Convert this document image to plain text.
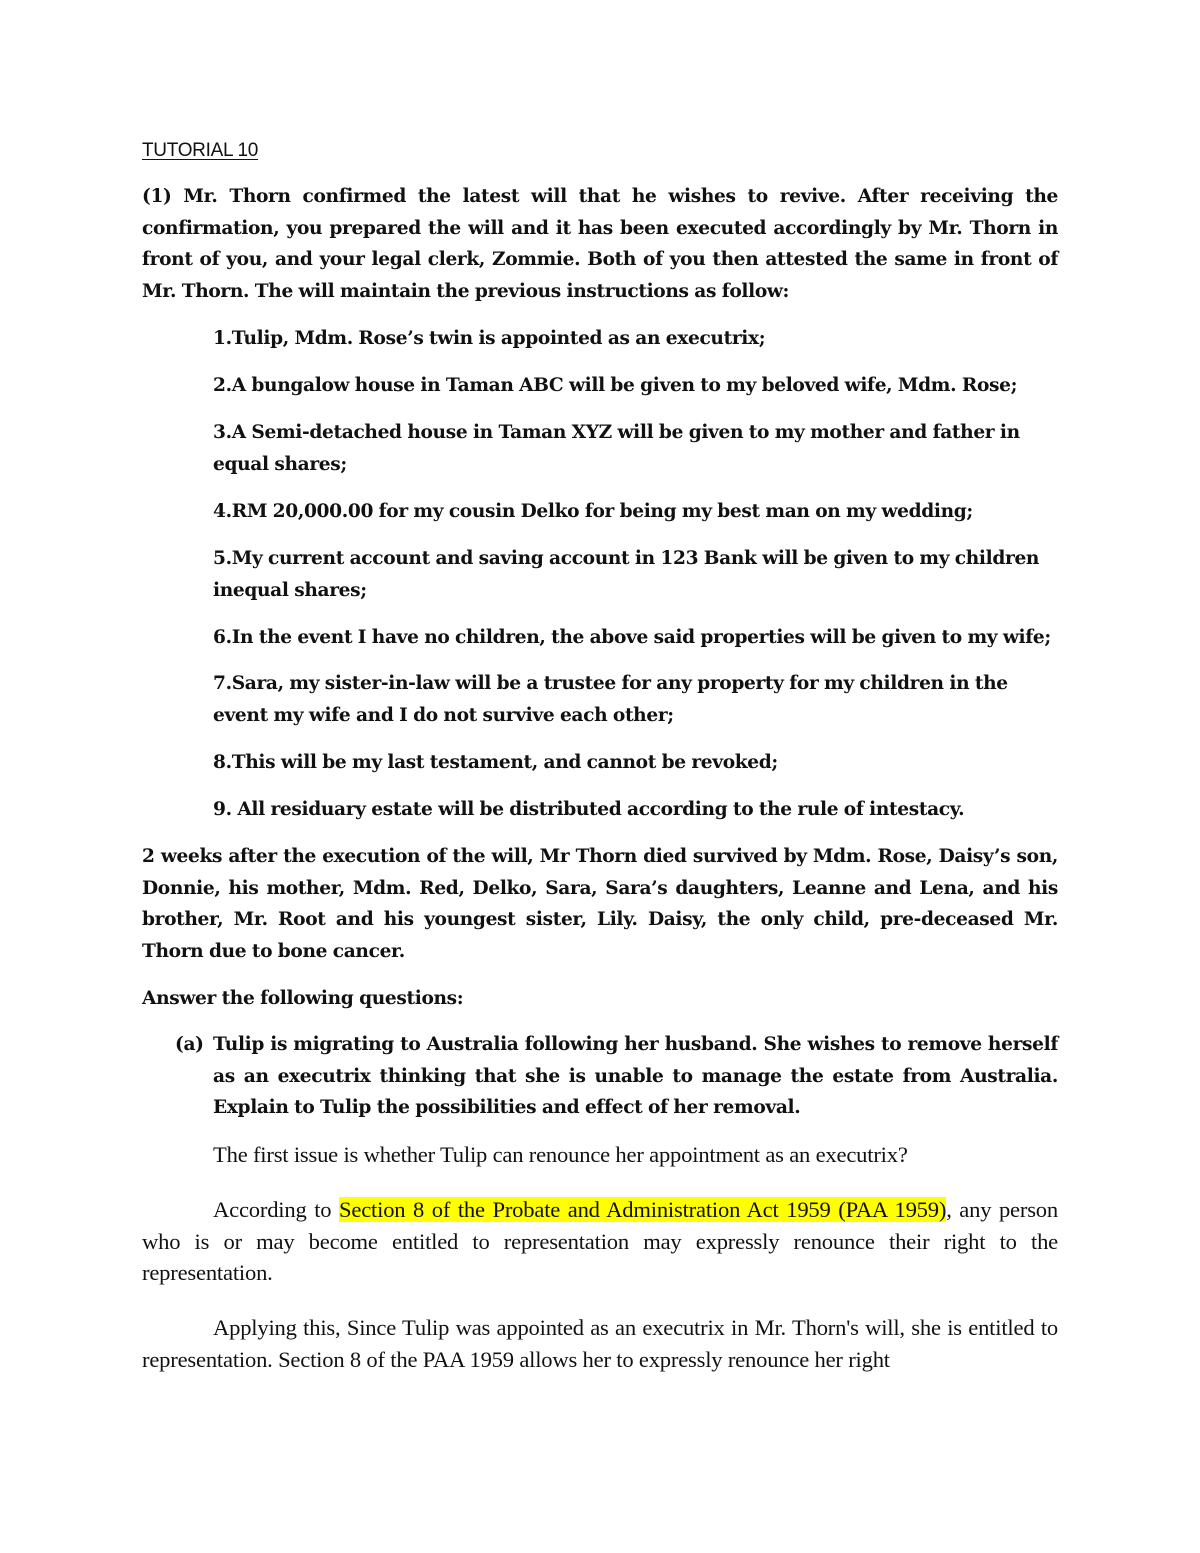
TUTORIAL 10

(1) Mr. Thorn confirmed the latest will that he wishes to revive. After receiving the confirmation, you prepared the will and it has been executed accordingly by Mr. Thorn in front of you, and your legal clerk, Zommie. Both of you then attested the same in front of Mr. Thorn. The will maintain the previous instructions as follow:

1.Tulip, Mdm. Rose’s twin is appointed as an executrix;
2.A bungalow house in Taman ABC will be given to my beloved wife, Mdm. Rose;
3.A Semi-detached house in Taman XYZ will be given to my mother and father in equal shares;
4.RM 20,000.00 for my cousin Delko for being my best man on my wedding;
5.My current account and saving account in 123 Bank will be given to my children inequal shares;
6.In the event I have no children, the above said properties will be given to my wife;
7.Sara, my sister-in-law will be a trustee for any property for my children in the event my wife and I do not survive each other;
8.This will be my last testament, and cannot be revoked;
9. All residuary estate will be distributed according to the rule of intestacy.

2 weeks after the execution of the will, Mr Thorn died survived by Mdm. Rose, Daisy’s son, Donnie, his mother, Mdm. Red, Delko, Sara, Sara’s daughters, Leanne and Lena, and his brother, Mr. Root and his youngest sister, Lily. Daisy, the only child, pre-deceased Mr. Thorn due to bone cancer.

Answer the following questions:

(a) Tulip is migrating to Australia following her husband. She wishes to remove herself as an executrix thinking that she is unable to manage the estate from Australia. Explain to Tulip the possibilities and effect of her removal.

The first issue is whether Tulip can renounce her appointment as an executrix?

According to Section 8 of the Probate and Administration Act 1959 (PAA 1959), any person who is or may become entitled to representation may expressly renounce their right to the representation.

Applying this, Since Tulip was appointed as an executrix in Mr. Thorn's will, she is entitled to representation. Section 8 of the PAA 1959 allows her to expressly renounce her right
